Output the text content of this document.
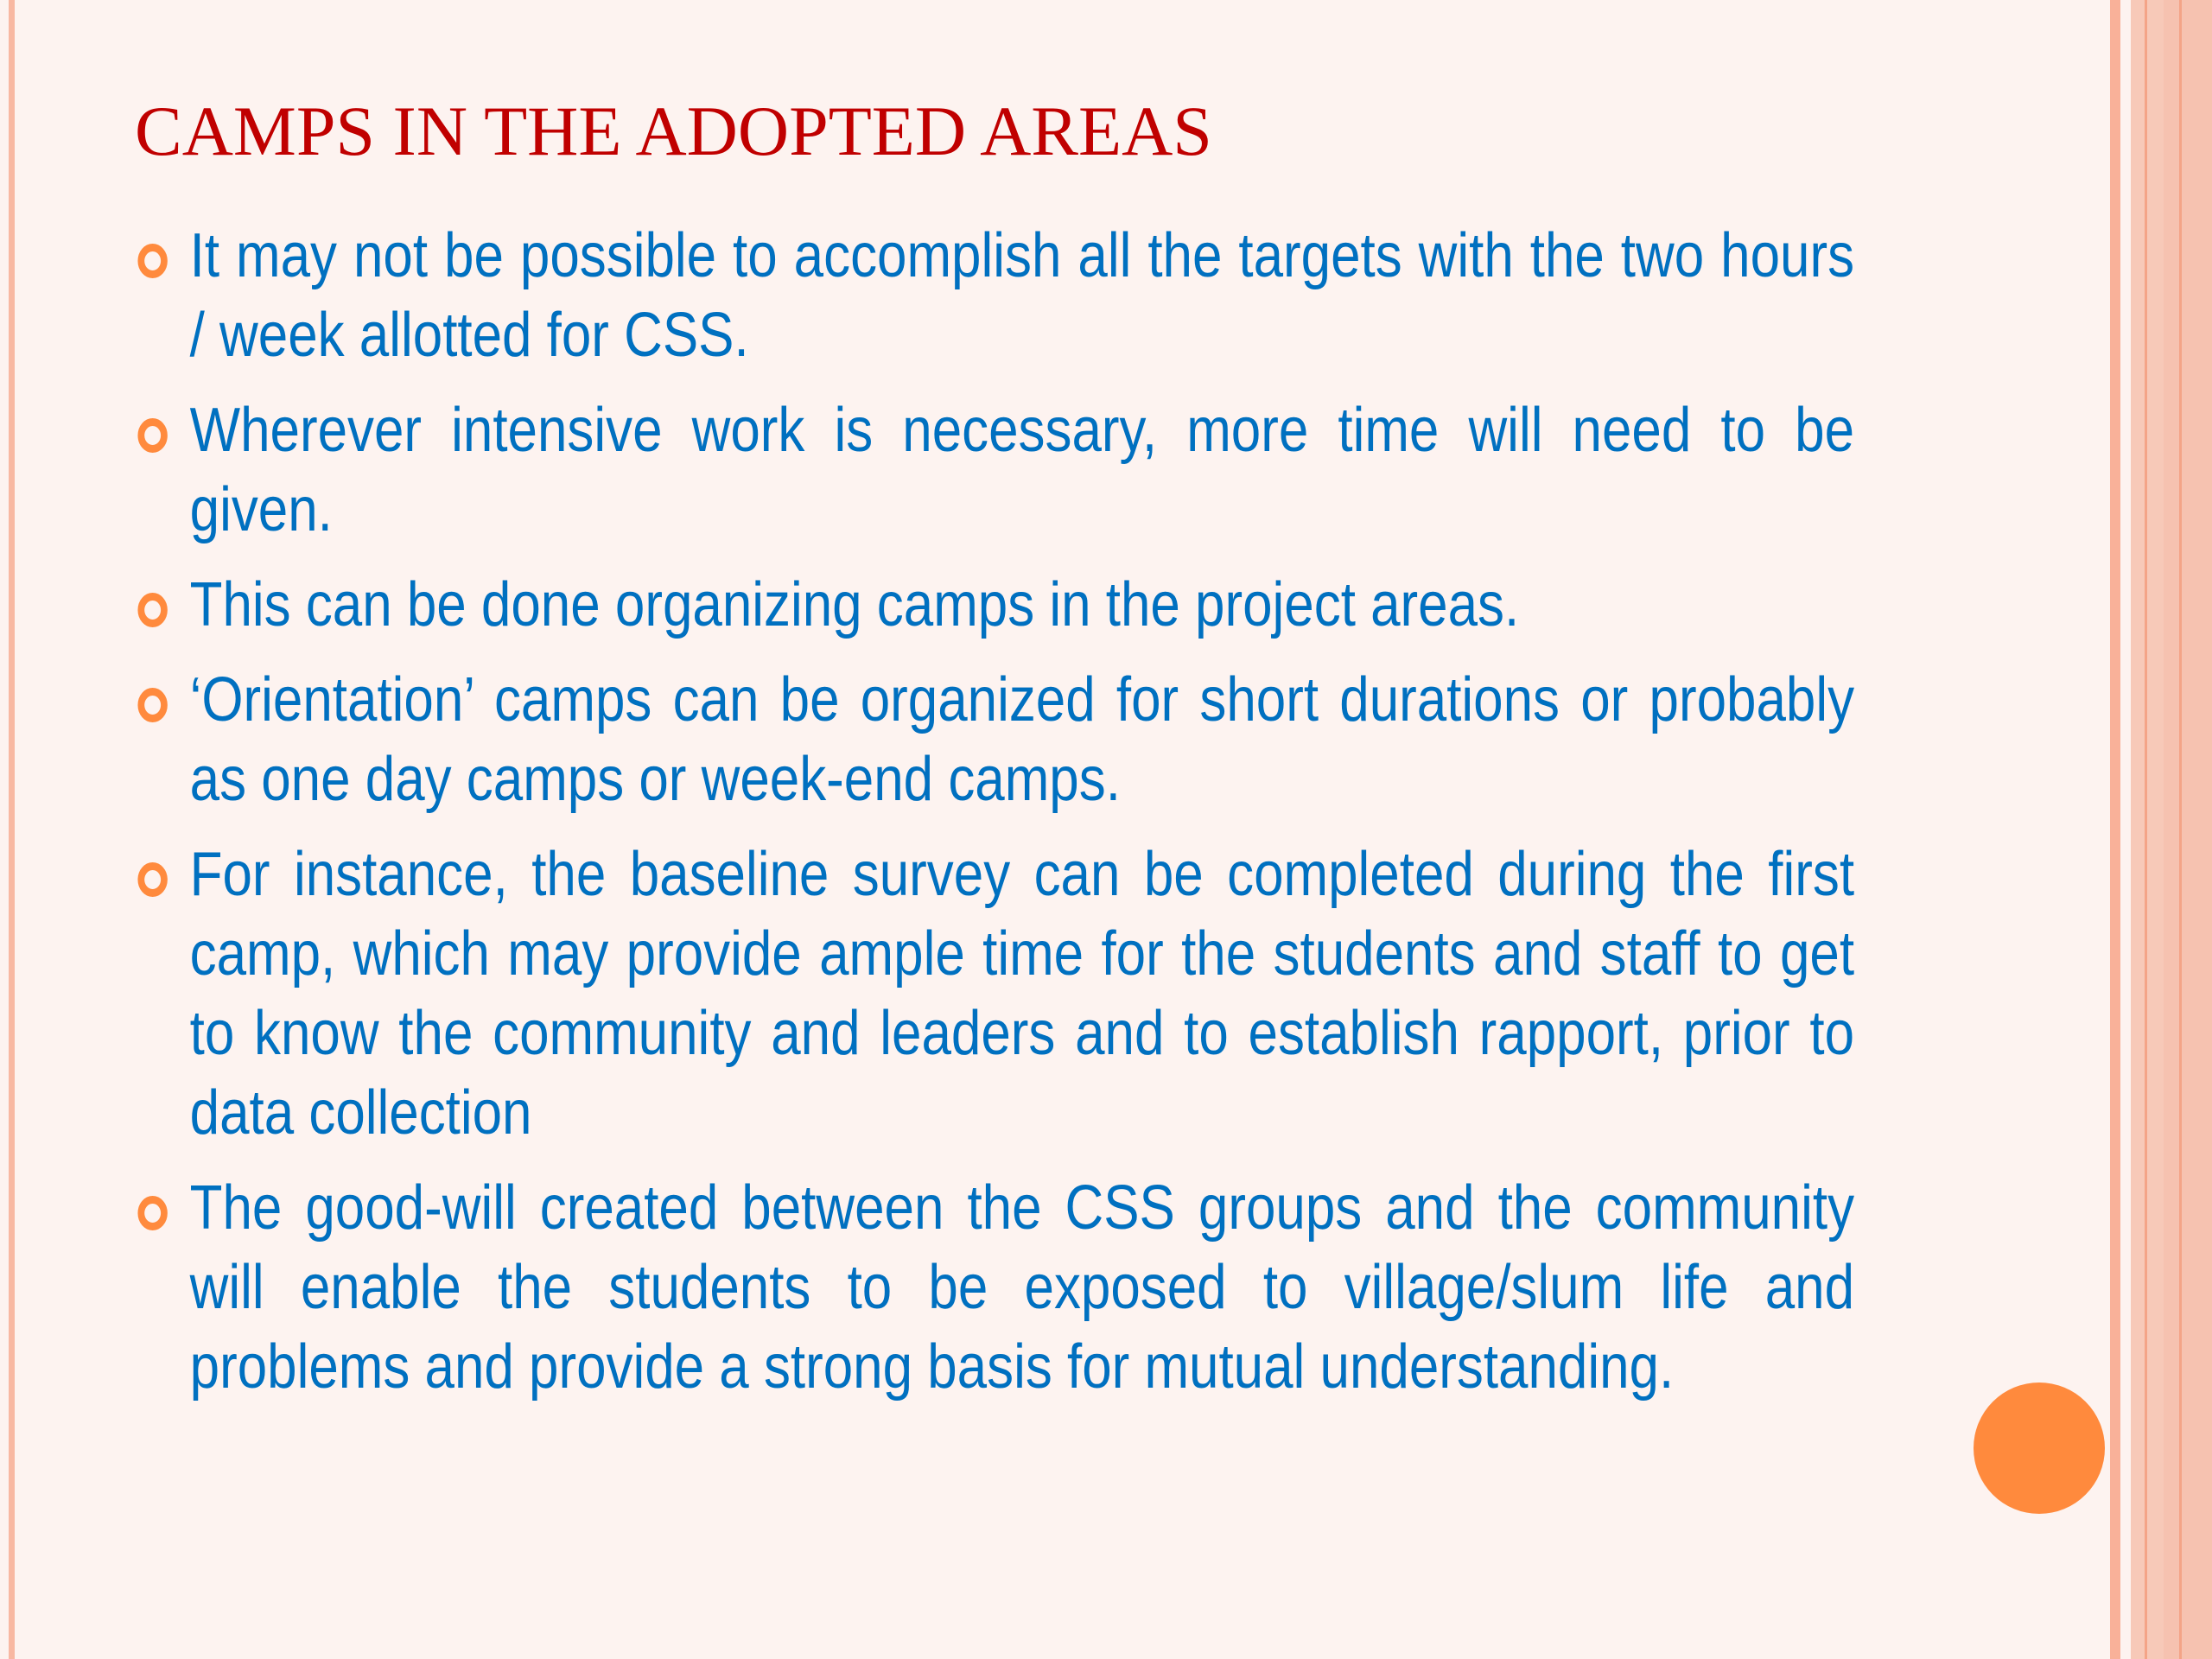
CAMPS IN THE ADOPTED AREAS
It may not be possible to accomplish all the targets with the two hours / week allotted for CSS.
Wherever intensive work is necessary, more time will need to be given.
This can be done organizing camps in the project areas.
‘Orientation’ camps can be organized for short durations or probably as one day camps or week-end camps.
For instance, the baseline survey can be completed during the first camp, which may provide ample time for the students and staff to get to know the community and leaders and to establish rapport, prior to data collection
The good-will created between the CSS groups and the community will enable the students to be exposed to village/slum life and problems and provide a strong basis for mutual understanding.
